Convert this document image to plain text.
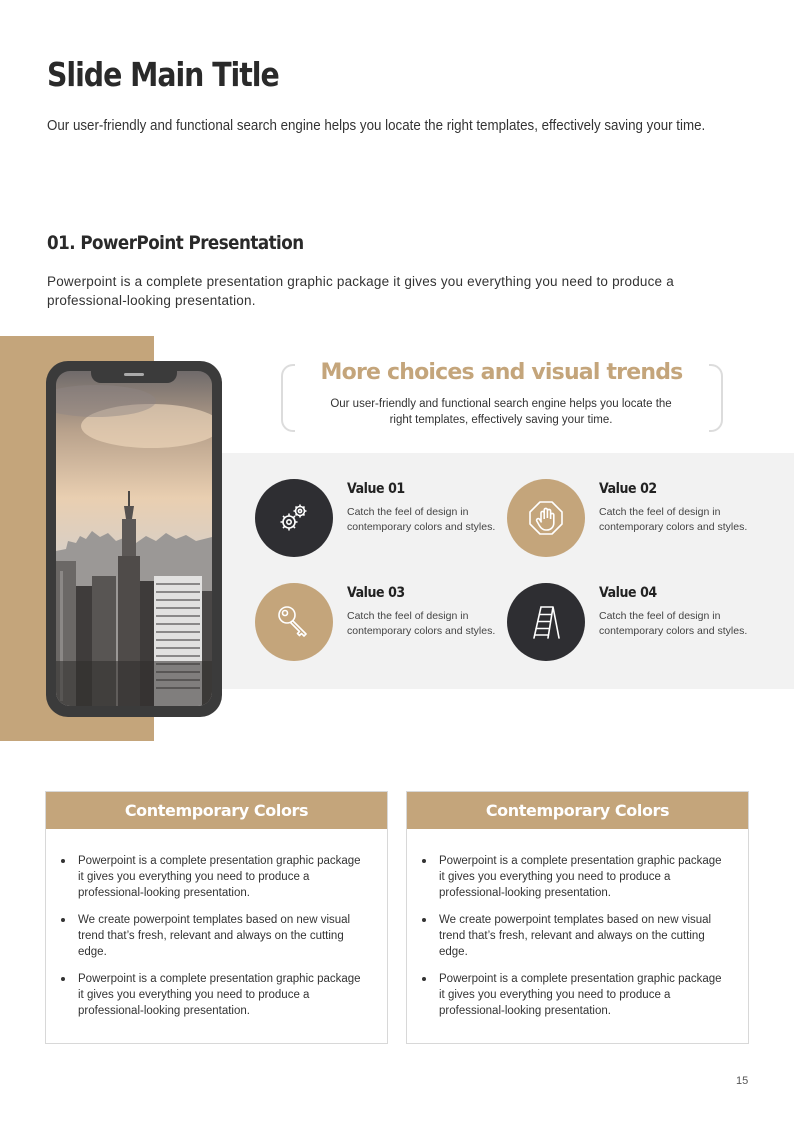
Slide Main Title

Our user-friendly and functional search engine helps you locate the right templates, effectively saving your time.

01. PowerPoint Presentation

Powerpoint is a complete presentation graphic package it gives you everything you need to produce a professional-looking presentation.

More choices and visual trends

Our user-friendly and functional search engine helps you locate the right templates, effectively saving your time.

Value 01
Catch the feel of design in contemporary colors and styles.
Value 02
Catch the feel of design in contemporary colors and styles.
Value 03
Catch the feel of design in contemporary colors and styles.
Value 04
Catch the feel of design in contemporary colors and styles.
Contemporary Colors
Powerpoint is a complete presentation graphic package it gives you everything you need to produce a professional-looking presentation.
We create powerpoint templates based on new visual trend that’s fresh, relevant and always on the cutting edge.
Powerpoint is a complete presentation graphic package it gives you everything you need to produce a professional-looking presentation.
Contemporary Colors
Powerpoint is a complete presentation graphic package it gives you everything you need to produce a professional-looking presentation.
We create powerpoint templates based on new visual trend that’s fresh, relevant and always on the cutting edge.
Powerpoint is a complete presentation graphic package it gives you everything you need to produce a professional-looking presentation.
15
